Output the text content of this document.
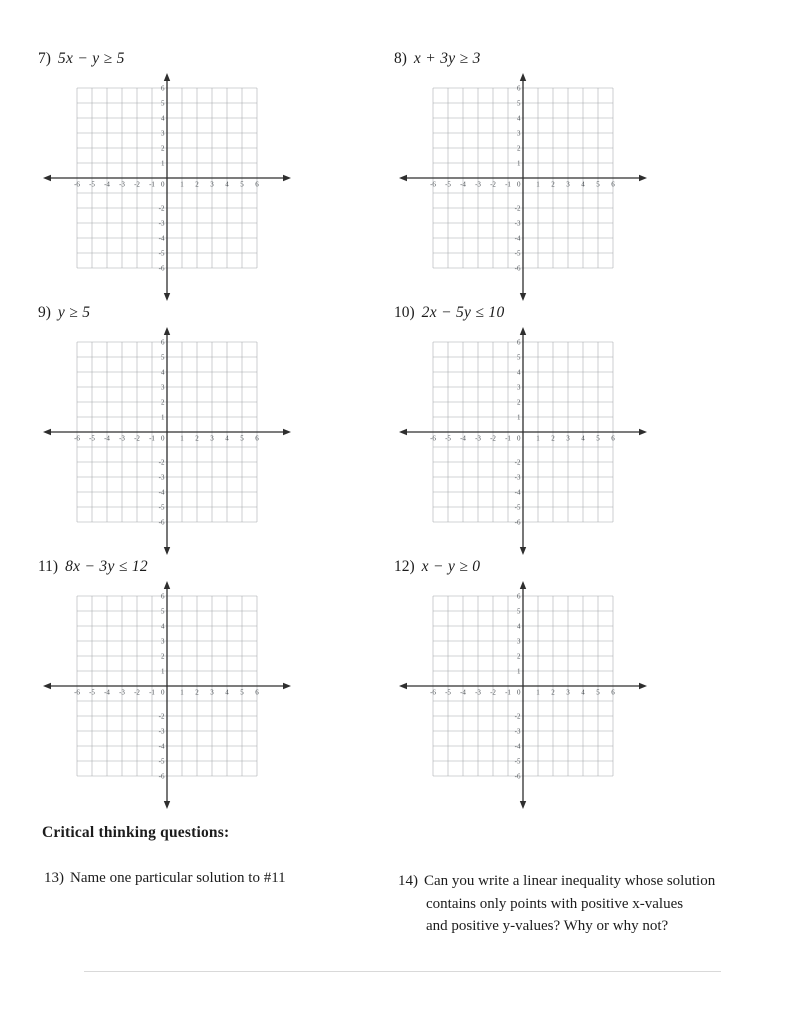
7) 5x − y ≥ 5
-6 -5 -4 -3 -2 -1 0 1 2 3 4 5 6
6
5
4
3
2
1
-2
-3
-4
-5
-6
8) x + 3y ≥ 3
-6 -5 -4 -3 -2 -1 0 1 2 3 4 5 6
6
5
4
3
2
1
-2
-3
-4
-5
-6
9) y ≥ 5
-6 -5 -4 -3 -2 -1 0 1 2 3 4 5 6
6
5
4
3
2
1
-2
-3
-4
-5
-6
10) 2x − 5y ≤ 10
-6 -5 -4 -3 -2 -1 0 1 2 3 4 5 6
6
5
4
3
2
1
-2
-3
-4
-5
-6
11) 8x − 3y ≤ 12
-6 -5 -4 -3 -2 -1 0 1 2 3 4 5 6
6
5
4
3
2
1
-2
-3
-4
-5
-6
12) x − y ≥ 0
-6 -5 -4 -3 -2 -1 0 1 2 3 4 5 6
6
5
4
3
2
1
-2
-3
-4
-5
-6
Critical thinking questions:
13) Name one particular solution to #11	14) Can you write a linear inequality whose solution
contains only points with positive x-values
and positive y-values? Why or why not?
